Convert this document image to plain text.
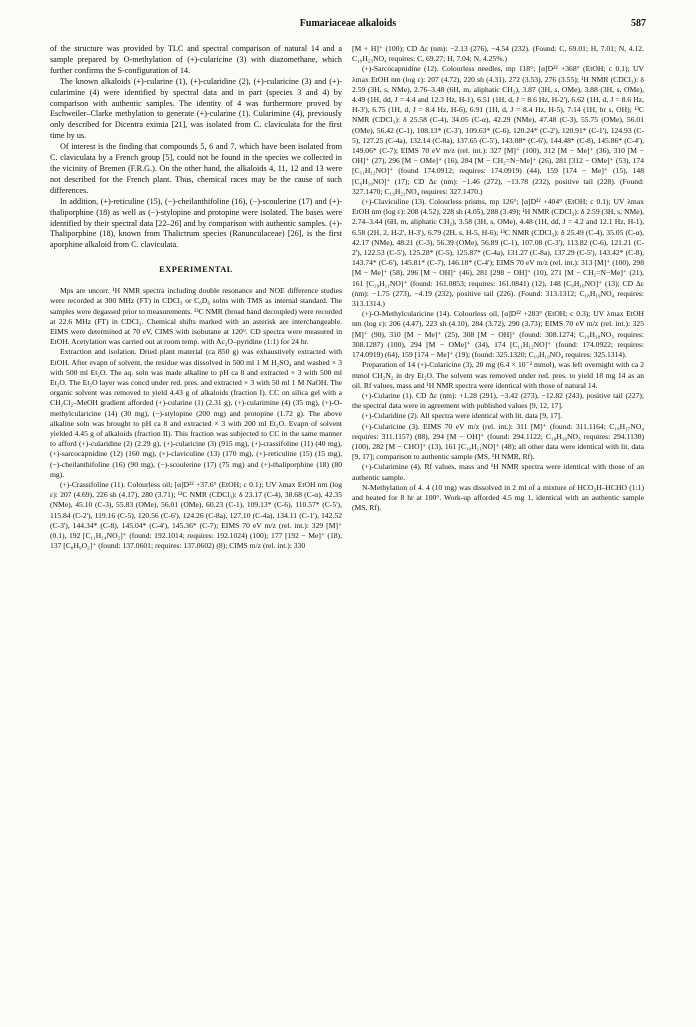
Fumariaceae alkaloids	587

of the structure was provided by TLC and spectral comparison of natural 14 and a sample prepared by O-methylation of (+)-cularicine (3) with diazomethane, which further confirms the S-configuration of 14.

The known alkaloids (+)-cularine (1), (+)-cularidine (2), (+)-cularicine (3) and (+)-cularimine (4) were identified by spectral data and in part (species 3 and 4) by comparison with authentic samples. The identity of 4 was furthermore proved by Eschweiler–Clarke methylation to generate (+)-cularine (1). Cularimine (4), previously only described for Dicentra eximia [21], was isolated from C. claviculata for the first time by us.

Of interest is the finding that compounds 5, 6 and 7, which have been isolated from C. claviculata by a French group [5], could not be found in the species we collected in the vicinity of Bremen (F.R.G.). On the other hand, the alkaloids 4, 11, 12 and 13 were not described for the French plant. Thus, chemical races may be the cause of such differences.

In addition, (+)-reticuline (15), (−)-cheilanthifoline (16), (−)-scoulerine (17) and (+)-thaliporphine (18) as well as (−)-stylopine and protopine were isolated. The bases were identified by their spectral data [22–26] and by comparison with authentic samples. (+)-Thaliporphine (18), known from Thalictrum species (Ranunculaceae) [26], is the first aporphine alkaloid from C. claviculata.

EXPERIMENTAL

Mps are uncorr. ¹H NMR spectra including double resonance and NOE difference studies were recorded at 300 MHz (FT) in CDCl₃ or C₆D₆ solns with TMS as internal standard. The samples were degassed prior to measurements. ¹³C NMR (broad band decoupled) were recorded at 22.6 MHz (FT) in CDCl₃. Chemical shifts marked with an asterisk are interchangeable. EIMS were determined at 70 eV, CIMS with isobutane at 120°. CD spectra were measured in EtOH. Acetylation was carried out at room temp. with Ac₂O–pyridine (1:1) for 24 hr.

Extraction and isolation. Dried plant material (ca 850 g) was exhaustively extracted with EtOH. After evapn of solvent, the residue was dissolved in 500 ml 1 M H₂SO₄ and washed × 3 with 500 ml Et₂O. The aq. soln was made alkaline to pH ca 8 and extracted × 3 with 500 ml Et₂O. The Et₂O layer was concd under red. pres. and extracted × 3 with 50 ml 1 M NaOH. The organic solvent was removed to yield 4.43 g of alkaloids (fraction I). CC on silica gel with a CH₂Cl₂–MeOH gradient afforded (+)-cularine (1) (2.31 g), (+)-cularimine (4) (35 mg), (+)-O-methylcularicine (14) (30 mg), (−)-stylopine (200 mg) and protopine (1.72 g). The above alkaline soln was brought to pH ca 8 and extracted × 3 with 200 ml Et₂O. Evapn of solvent yielded 4.45 g of alkaloids (fraction II). This fraction was subjected to CC in the same manner to afford (+)-cularidine (2) (2.29 g), (+)-cularicine (3) (915 mg), (+)-crassifoline (11) (40 mg), (+)-sarcocapnidine (12) (160 mg), (+)-claviculine (13) (170 mg), (+)-reticuline (15) (15 mg), (−)-cheilanthifoline (16) (90 mg), (−)-scoulerine (17) (75 mg) and (+)-thaliporphine (18) (80 mg).

(+)-Crassifoline (11). Colourless oil; [α]D²² +37.6° (EtOH; c 0.1); UV λmax EtOH nm (log ε): 207 (4.69), 226 sh (4.17), 280 (3.71); ¹³C NMR (CDCl₃): δ 23.17 (C-4), 38.68 (C-α), 42.35 (NMe), 45.10 (C-3), 55.83 (OMe), 56.01 (OMe), 60.23 (C-1), 109.13* (C-6), 110.57* (C-5'), 115.84 (C-2'), 119.16 (C-5), 120.56 (C-6'), 124.26 (C-8a), 127.10 (C-4a), 134.11 (C-1'), 142.52 (C-3'), 144.34* (C-8), 145.04* (C-4'), 145.36* (C-7); EIMS 70 eV m/z (rel. int.): 329 [M]⁺ (0.1), 192 [C₁₁H₁₄NO₂]⁺ (found: 192.1014; requires: 192.1024) (100); 177 [192 − Me]⁺ (18), 137 [C₈H₉O₂]⁺ (found: 137.0601; requires: 137.0602) (8); CIMS m/z (rel. int.): 330

[M + H]⁺ (100); CD Δε (nm): −2.13 (276), −4.54 (232). (Found: C, 69.01; H, 7.01; N, 4.12. C₁₉H₂₃NO₄ requires: C, 69.27; H, 7.04; N, 4.25%.)

(+)-Sarcocapnidine (12). Colourless needles, mp 118°; [α]D²² +368° (EtOH; c 0.1); UV λmax EtOH nm (log ε): 207 (4.72), 220 sh (4.31), 272 (3.53), 276 (3.55); ¹H NMR (CDCl₃): δ 2.59 (3H, s, NMe), 2.76–3.48 (6H, m, aliphatic CH₂), 3.87 (3H, s, OMe), 3.88 (3H, s, OMe), 4.49 (1H, dd, J = 4.4 and 12.3 Hz, H-1), 6.51 (1H, d, J = 8.6 Hz, H-2'), 6.62 (1H, d, J = 8.6 Hz, H-3'), 6.75 (1H, d, J = 8.4 Hz, H-6), 6.91 (1H, d, J = 8.4 Hz, H-5), 7.14 (1H, br s, OH); ¹³C NMR (CDCl₃): δ 25.58 (C-4), 34.05 (C-α), 42.29 (NMe), 47.48 (C-3), 55.75 (OMe), 56.01 (OMe), 56.42 (C-1), 108.13* (C-3'), 109.63* (C-6), 120.24* (C-2'), 120.91* (C-1'), 124.93 (C-5), 127.25 (C-4a), 132.14 (C-8a), 137.65 (C-5'), 143.08* (C-6'), 144.48* (C-8), 145.86* (C-4'), 149.06* (C-7); EIMS 70 eV m/z (rel. int.): 327 [M]⁺ (100), 312 [M − Me]⁺ (36), 310 [M − OH]⁺ (27), 296 [M − OMe]⁺ (16), 284 [M − CH₂=N−Me]⁺ (26), 281 [312 − OMe]⁺ (53), 174 [C₁₁H₁₂NO]⁺ (found 174.0912; requires: 174.0919) (44), 159 [174 − Me]⁺ (15), 148 [C₉H₁₀NO]⁺ (17); CD Δε (nm): −1.46 (272), −13.78 (232), positive tail (228). (Found: 327.1470; C₁₉H₂₁NO₄ requires: 327.1470.)

(+)-Claviculine (13). Colourless prisms, mp 126°; [α]D²² +404° (EtOH; c 0.1); UV λmax EtOH nm (log ε): 208 (4.52), 228 sh (4.05), 288 (3.49); ¹H NMR (CDCl₃): δ 2.59 (3H, s, NMe), 2.74–3.44 (6H, m, aliphatic CH₂), 3.58 (3H, s, OMe), 4.48 (1H, dd, J = 4.2 and 12.1 Hz, H-1), 6.58 (2H, 2, H-2', H-3'), 6.79 (2H, s, H-5, H-6); ¹³C NMR (CDCl₃): δ 25.49 (C-4), 35.05 (C-α), 42.17 (NMe), 48.21 (C-3), 56.39 (OMe), 56.89 (C-1), 107.08 (C-3'), 113.82 (C-6), 121.21 (C-2'), 122.53 (C-5'), 125.28* (C-5), 125.87* (C-4a), 131.27 (C-8a), 137.29 (C-5'), 143.42* (C-8), 143.74* (C-6'), 145.81* (C-7), 146.18* (C-4'); EIMS 70 eV m/z (rel. int.): 313 [M]⁺ (100), 298 [M − Me]⁺ (58), 296 [M − OH]⁺ (46), 281 [298 − OH]⁺ (10), 271 [M − CH₂=N−Me]⁺ (21), 161 [C₁₀H₁₁NO]⁺ (found: 161.0853; requires: 161.0841) (12), 148 [C₉H₁₀NO]⁺ (13); CD Δε (nm): −1.75 (273), −4.19 (232), positive tail (226). (Found: 313.1312; C₁₈H₁₉NO₄ requires: 313.1314.)

(+)-O-Methylcularicine (14). Colourless oil, [α]D²² +283° (EtOH; c 0.3); UV λmax EtOH nm (log ε): 206 (4.47), 223 sh (4.10), 284 (3.72), 290 (3.73); EIMS 70 eV m/z (rel. int.): 325 [M]⁺ (90), 310 [M − Me]⁺ (25), 308 [M − OH]⁺ (found: 308.1274; C₁₉H₁₈NO₃ requires: 308.1287) (100), 294 [M − OMe]⁺ (34), 174 [C₁₁H₁₂NO]⁺ (found: 174.0922; requires: 174.0919) (64), 159 [174 − Me]⁺ (19); (found: 325.1320; C₁₉H₁₉NO₄ requires: 325.1314).

Preparation of 14 (+)-Cularicine (3), 20 mg (6.4 × 10⁻² mmol), was left overnight with ca 2 mmol CH₂N₂ in dry Et₂O. The solvent was removed under red. pres. to yield 18 mg 14 as an oil. Rf values, mass and ¹H NMR spectra were identical with those of natural 14.

(+)-Cularine (1). CD Δε (nm): +1.28 (291), −3.42 (273), −12.82 (243), positive tail (227); the spectral data were in agreement with published values [9, 12, 17].

(+)-Cularidine (2). All spectra were identical with lit. data [9, 17].

(+)-Cularicine (3). EIMS 70 eV m/z (rel. int.): 311 [M]⁺ (found: 311.1164; C₁₈H₁₇NO₄ requires: 311.1157) (88), 294 [M − OH]⁺ (found: 294.1122; C₁₈H₁₆NO₃ requires: 294.1130) (100), 282 [M − CHO]⁺ (13), 161 [C₁₀H₁₁NO]⁺ (48); all other data were identical with lit. data [9, 17]; comparison to authentic sample (MS, ¹H NMR, Rf).

(+)-Cularimine (4). Rf values, mass and ¹H NMR spectra were identical with those of an authentic sample.

N-Methylation of 4. 4 (10 mg) was dissolved in 2 ml of a mixture of HCO₂H–HCHO (1:1) and heated for 8 hr at 100°. Work-up afforded 4.5 mg 1, identical with an authentic sample (MS, Rf).
